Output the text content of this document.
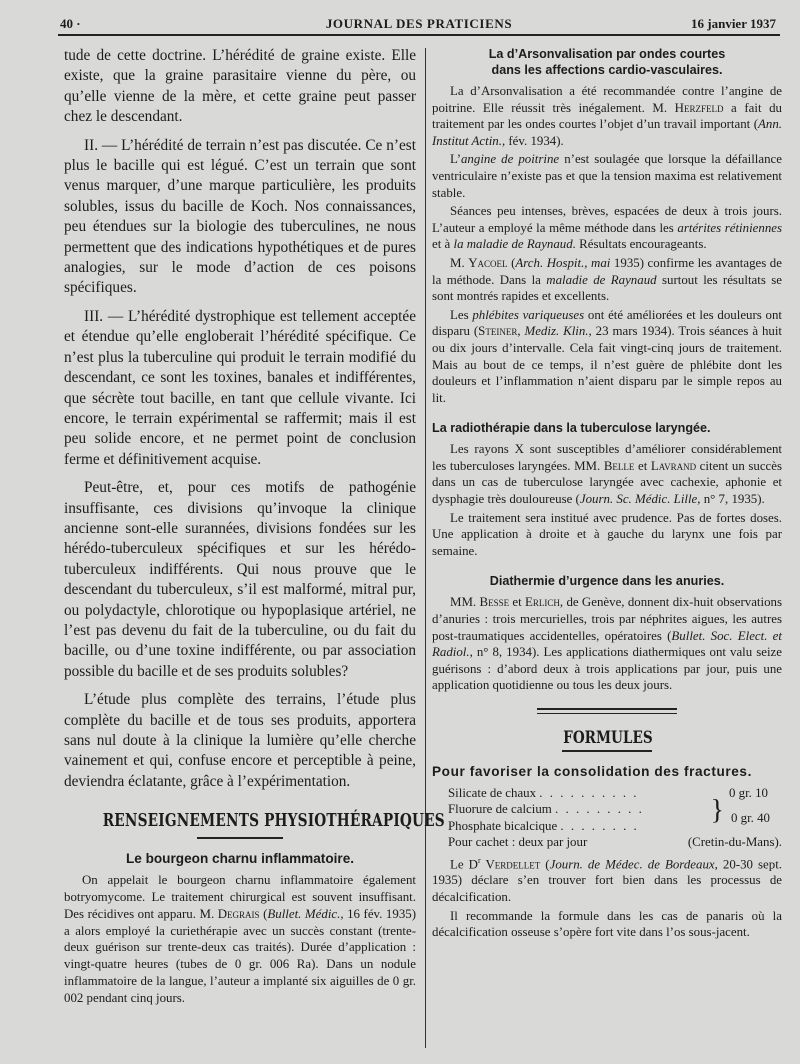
40 ·	JOURNAL DES PRATICIENS	16 janvier 1937

tude de cette doctrine. L’hérédité de graine existe. Elle existe, que la graine parasitaire vienne du père, ou qu’elle vienne de la mère, et cette graine peut passer chez le descendant.

II. — L’hérédité de terrain n’est pas discutée. Ce n’est plus le bacille qui est légué. C’est un terrain que sont venus marquer, d’une marque particulière, les produits solubles, issus du bacille de Koch. Nos connaissances, peu étendues sur la biologie des tuberculines, ne nous permettent que des indications hypothétiques et de pures analogies, sur le mode d’action de ces poisons spécifiques.

III. — L’hérédité dystrophique est tellement acceptée et étendue qu’elle engloberait l’hérédité spécifique. Ce n’est plus la tuberculine qui produit le terrain modifié du descendant, ce sont les toxines, banales et indifférentes, que sécrète tout bacille, en tant que cellule vivante. Ici encore, le terrain expérimental se raffermit; mais il est peu solide encore, et ne permet point de conclusion ferme et définitivement acquise.

Peut-être, et, pour ces motifs de pathogénie insuffisante, ces divisions qu’invoque la clinique ancienne sont-elle surannées, divisions fondées sur les hérédo-tuberculeux spécifiques et sur les hérédo-tuberculeux indifférents. Qui nous prouve que le descendant du tuberculeux, s’il est malformé, mitral pur, ou polydactyle, chlorotique ou hypoplasique artériel, ne l’est pas devenu du fait de la tuberculine, ou du fait du bacille, ou d’une toxine indifférente, ou par association possible du bacille et de ses produits solubles?

L’étude plus complète des terrains, l’étude plus complète du bacille et de tous ses produits, apportera sans nul doute à la clinique la lumière qu’elle cherche vainement et qui, confuse encore et perceptible à peine, deviendra éclatante, grâce à l’expérimentation.

RENSEIGNEMENTS PHYSIOTHÉRAPIQUES
Le bourgeon charnu inflammatoire.

On appelait le bourgeon charnu inflammatoire également botryomycome. Le traitement chirurgical est souvent insuffisant. Des récidives ont apparu. M. Degrais (Bullet. Médic., 16 fév. 1935) a alors employé la curiethérapie avec un succès constant (trente-deux guérison sur trente-deux cas traités). Durée d’application : vingt-quatre heures (tubes de 0 gr. 006 Ra). Dans un nodule inflammatoire de la langue, l’auteur a implanté six aiguilles de 0 gr. 002 pendant cinq jours.

La d’Arsonvalisation par ondes courtes
dans les affections cardio-vasculaires.

La d’Arsonvalisation a été recommandée contre l’angine de poitrine. Elle réussit très inégalement. M. Herzfeld a fait du traitement par les ondes courtes l’objet d’un travail important (Ann. Institut Actin., fév. 1934).

L’angine de poitrine n’est soulagée que lorsque la défaillance ventriculaire n’existe pas et que la tension maxima est relativement stable.

Séances peu intenses, brèves, espacées de deux à trois jours. L’auteur a employé la même méthode dans les artérites rétiniennes et à la maladie de Raynaud. Résultats encourageants.

M. Yacoel (Arch. Hospit., mai 1935) confirme les avantages de la méthode. Dans la maladie de Raynaud surtout les résultats se sont montrés rapides et excellents.

Les phlébites variqueuses ont été améliorées et les douleurs ont disparu (Steiner, Mediz. Klin., 23 mars 1934). Trois séances à huit ou dix jours d’intervalle. Cela fait vingt-cinq jours de traitement. Mais au bout de ce temps, il n’est guère de phlébite dont les douleurs et l’inflammation n’aient disparu par le simple repos au lit.

La radiothérapie dans la tuberculose laryngée.

Les rayons X sont susceptibles d’améliorer considérablement les tuberculoses laryngées. MM. Belle et Lavrand citent un succès dans un cas de tuberculose laryngée avec cachexie, aphonie et dysphagie très douloureuse (Journ. Sc. Médic. Lille, n° 7, 1935).

Le traitement sera institué avec prudence. Pas de fortes doses. Une application à droite et à gauche du larynx une fois par semaine.

Diathermie d’urgence dans les anuries.

MM. Besse et Erlich, de Genève, donnent dix-huit observations d’anuries : trois mercurielles, trois par néphrites aigues, les autres post-traumatiques accidentelles, opératoires (Bullet. Soc. Elect. et Radiol., n° 8, 1934). Les applications diathermiques ont valu seize guérisons : d’abord deux à trois applications par jour, puis une application quotidienne ou tous les deux jours.

FORMULES
Pour favoriser la consolidation des fractures.
Silicate de chaux . . . . . . . . . .	0 gr. 10
Fluorure de calcium . . . . . . . . .
Phosphate bicalcique . . . . . . . .	} 0 gr. 40
Pour cachet : deux par jour	(Cretin-du-Mans).

Le $D^r$ Verdellet (Journ. de Médec. de Bordeaux, 20-30 sept. 1935) déclare s’en trouver fort bien dans les processus de décalcification.

Il recommande la formule dans les cas de panaris où la décalcification osseuse s’opère fort vite dans l’os sous-jacent.
